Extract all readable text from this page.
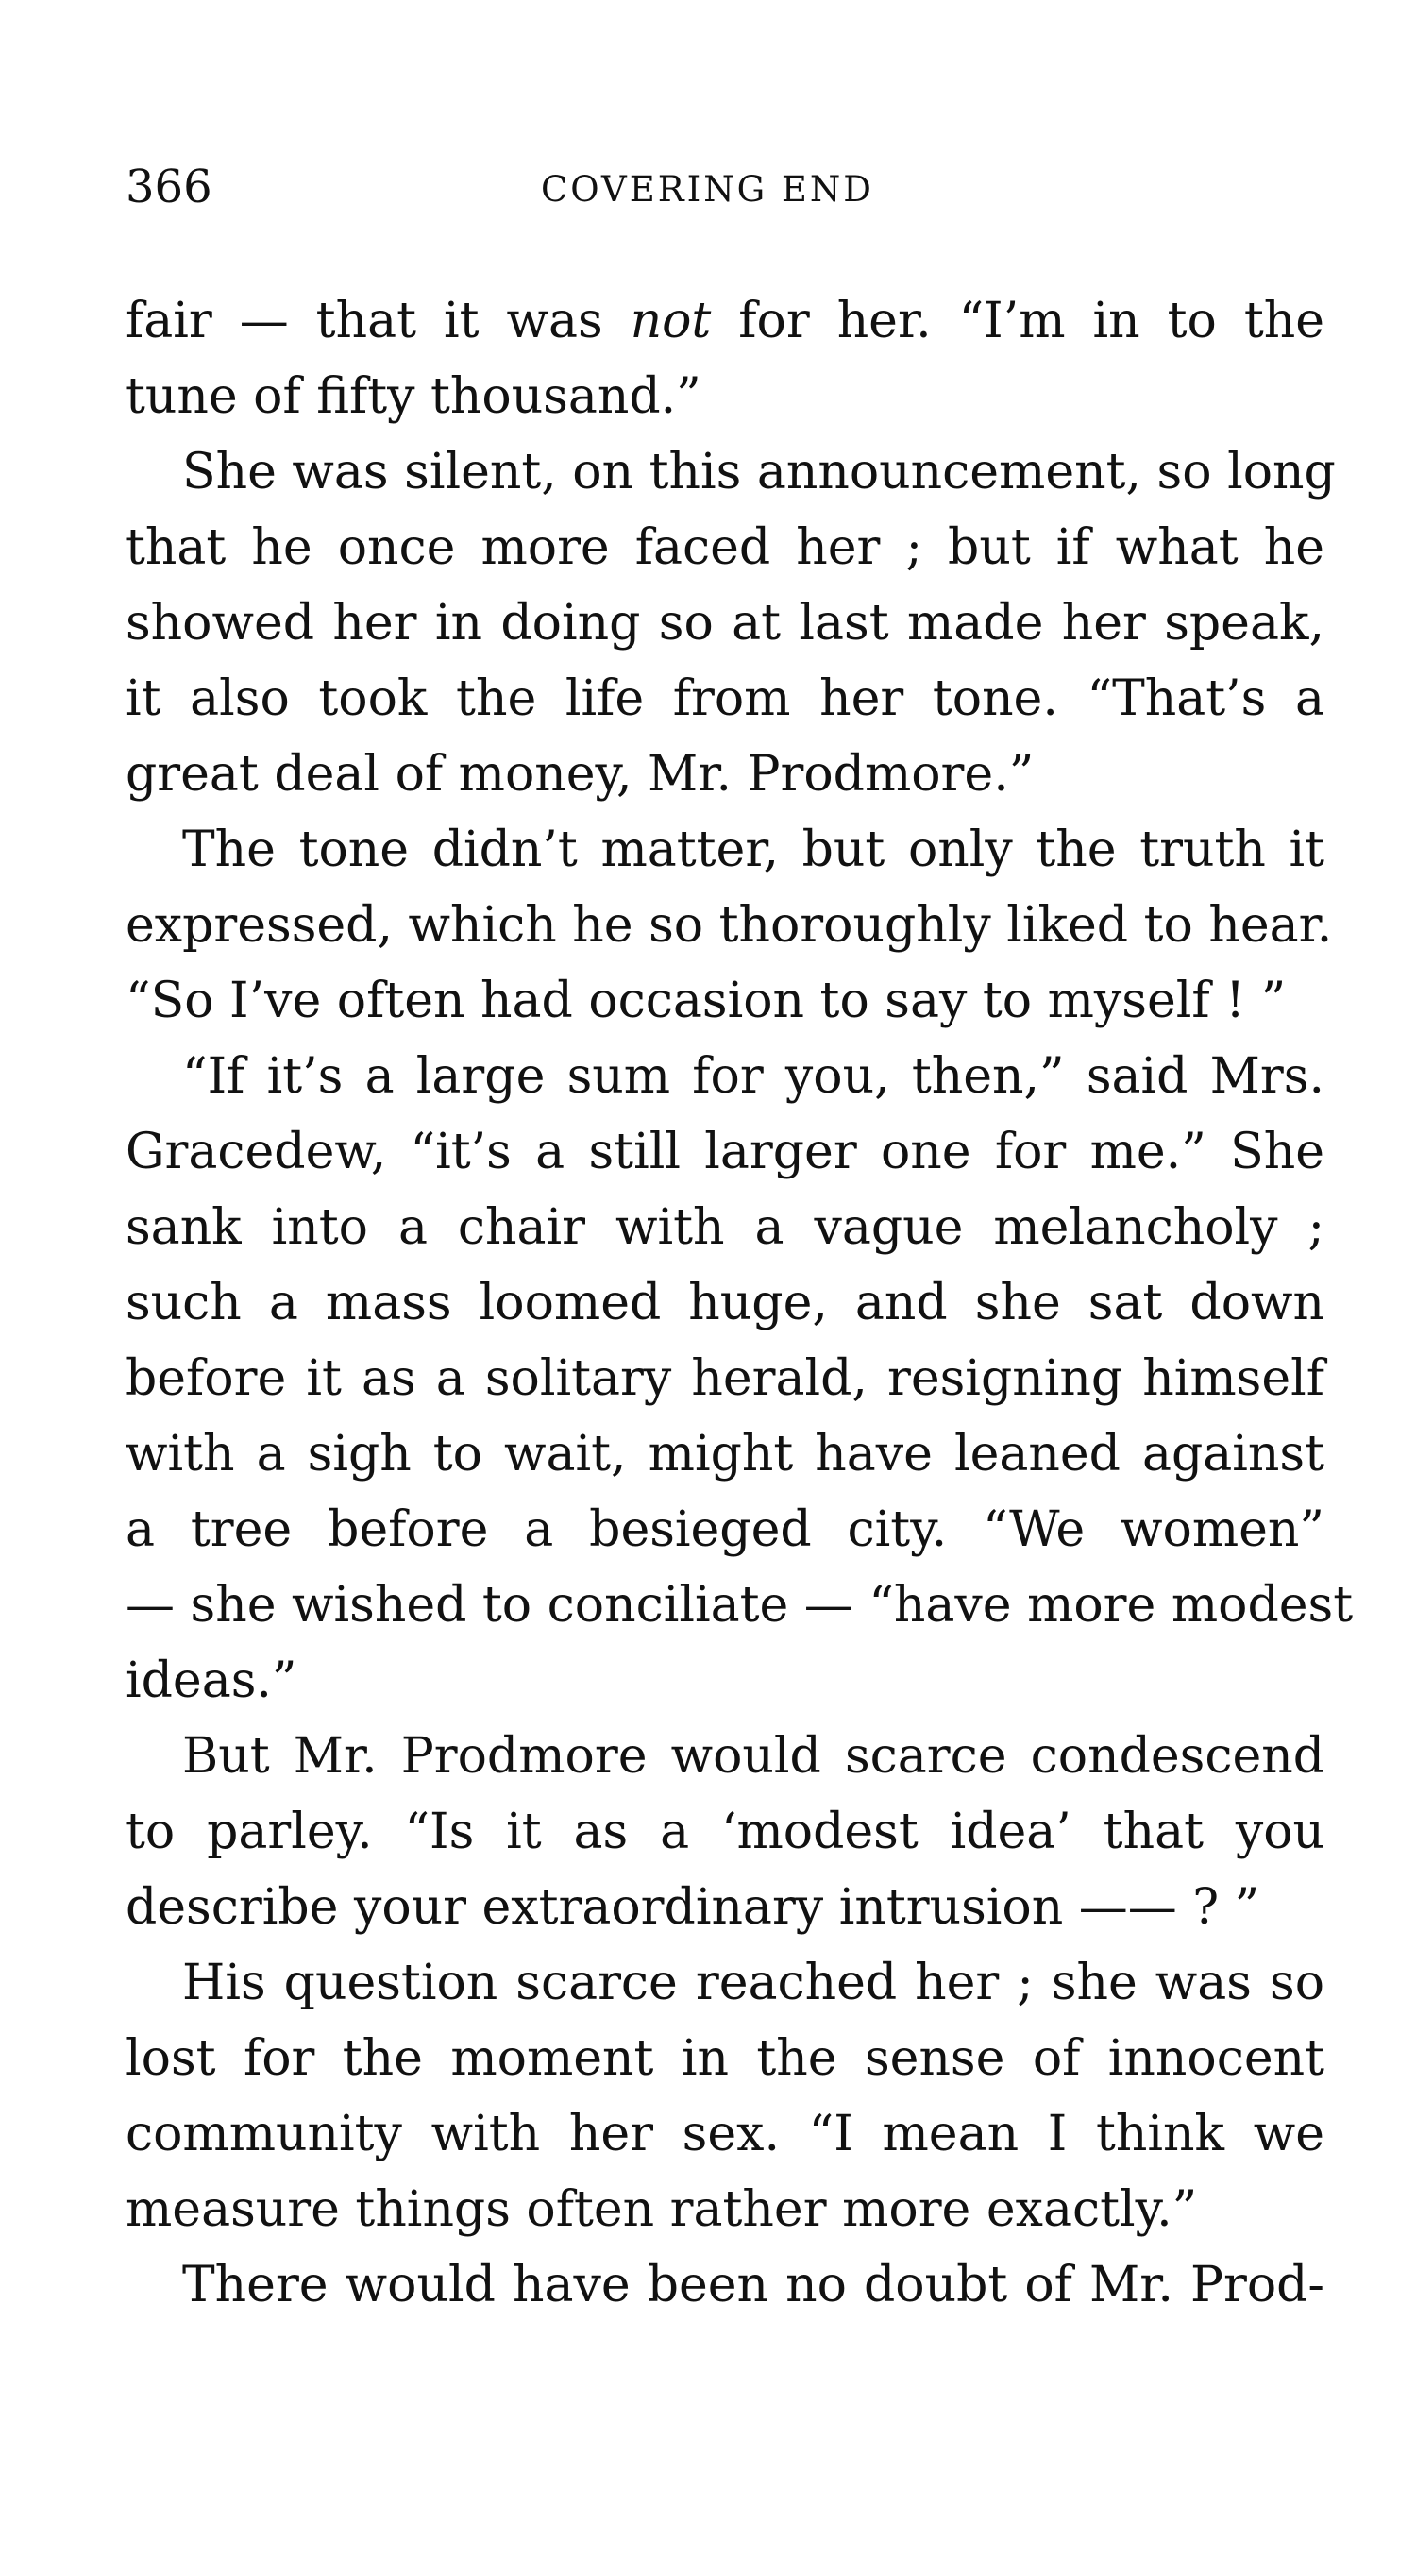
366	COVERING END
fair — that it was not for her. “I’m in to the
tune of fifty thousand.”
She was silent, on this announcement, so long
that he once more faced her ; but if what he
showed her in doing so at last made her speak,
it also took the life from her tone. “That’s a
great deal of money, Mr. Prodmore.”
The tone didn’t matter, but only the truth it
expressed, which he so thoroughly liked to hear.
“So I’ve often had occasion to say to myself ! ”
“If it’s a large sum for you, then,” said Mrs.
Gracedew, “it’s a still larger one for me.” She
sank into a chair with a vague melancholy ;
such a mass loomed huge, and she sat down
before it as a solitary herald, resigning himself
with a sigh to wait, might have leaned against
a tree before a besieged city. “We women”
— she wished to conciliate — “have more modest
ideas.”
But Mr. Prodmore would scarce condescend
to parley. “Is it as a ‘modest idea’ that you
describe your extraordinary intrusion —— ? ”
His question scarce reached her ; she was so
lost for the moment in the sense of innocent
community with her sex. “I mean I think we
measure things often rather more exactly.”
There would have been no doubt of Mr. Prod-
